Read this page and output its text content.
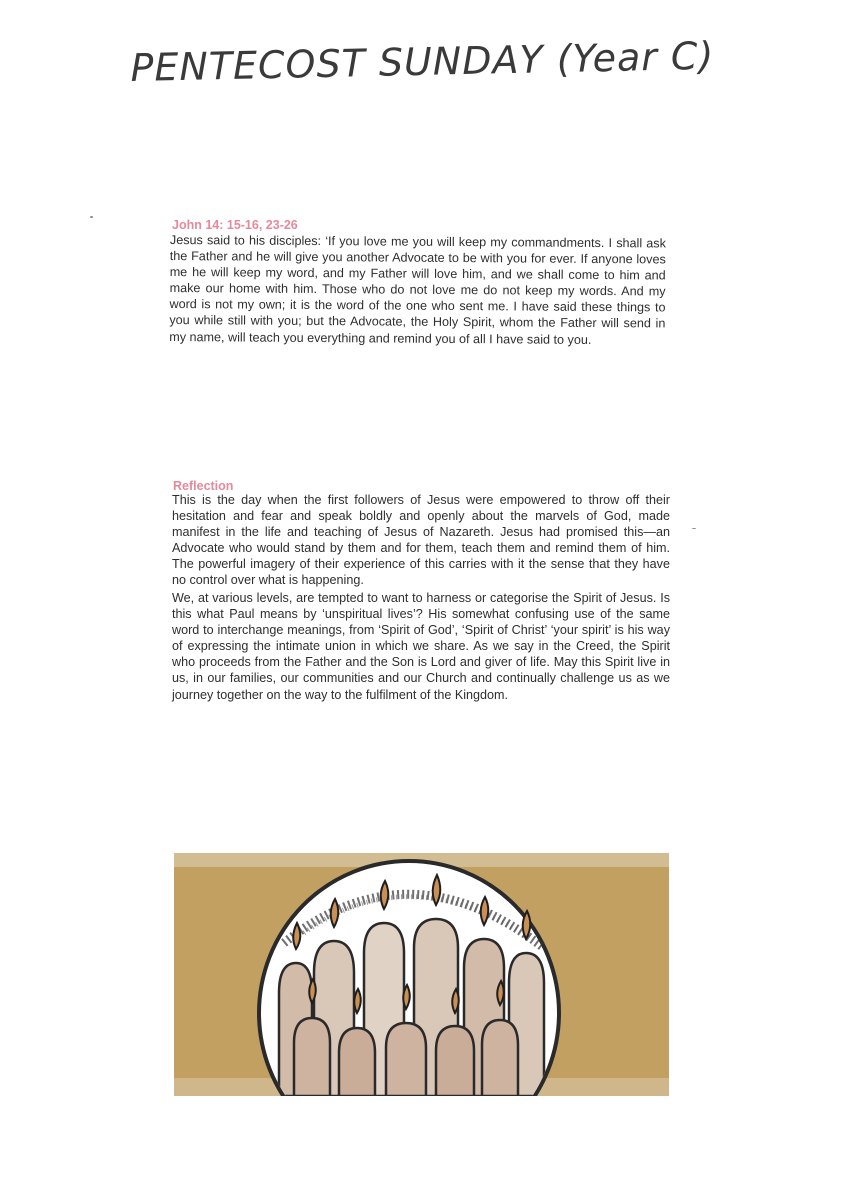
PENTECOST SUNDAY (Year C)
John 14: 15-16, 23-26

Jesus said to his disciples: ‘If you love me you will keep my commandments. I shall ask the Father and he will give you another Advocate to be with you for ever. If anyone loves me he will keep my word, and my Father will love him, and we shall come to him and make our home with him. Those who do not love me do not keep my words. And my word is not my own; it is the word of the one who sent me. I have said these things to you while still with you; but the Advocate, the Holy Spirit, whom the Father will send in my name, will teach you everything and remind you of all I have said to you.

Reflection

This is the day when the first followers of Jesus were empowered to throw off their hesitation and fear and speak boldly and openly about the marvels of God, made manifest in the life and teaching of Jesus of Nazareth. Jesus had promised this—an Advocate who would stand by them and for them, teach them and remind them of him. The powerful imagery of their experience of this carries with it the sense that they have no control over what is happening.

We, at various levels, are tempted to want to harness or categorise the Spirit of Jesus. Is this what Paul means by ‘unspiritual lives’? His somewhat confusing use of the same word to interchange meanings, from ‘Spirit of God’, ‘Spirit of Christ’ ‘your spirit’ is his way of expressing the intimate union in which we share. As we say in the Creed, the Spirit who proceeds from the Father and the Son is Lord and giver of life. May this Spirit live in us, in our families, our communities and our Church and continually challenge us as we journey together on the way to the fulfilment of the Kingdom.
